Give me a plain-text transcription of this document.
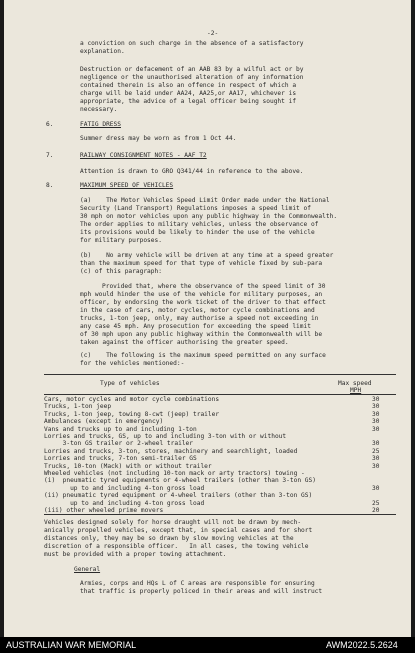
-2-
a conviction on such charge in the absence of a satisfactory
explanation.
Destruction or defacement of an AAB 83 by a wilful act or by
negligence or the unauthorised alteration of any information
contained therein is also an offence in respect of which a
charge will be laid under AA24, AA25,or AA17, whichever is
appropriate, the advice of a legal officer being sought if
necessary.
6.	FATIG DRESS
Summer dress may be worn as from 1 Oct 44.
7.	RAILWAY CONSIGNMENT NOTES - AAF T2
Attention is drawn to GRO Q341/44 in reference to the above.
8.	MAXIMUM SPEED OF VEHICLES
(a)    The Motor Vehicles Speed Limit Order made under the National
Security (Land Transport) Regulations imposes a speed limit of
30 mph on motor vehicles upon any public highway in the Commonwealth.
The order applies to military vehicles, unless the observance of
its provisions would be likely to hinder the use of the vehicle
for military purposes.
(b)    No army vehicle will be driven at any time at a speed greater
than the maximum speed for that type of vehicle fixed by sub-para
(c) of this paragraph:
Provided that, where the observance of the speed limit of 30
mph would hinder the use of the vehicle for military purposes, an
officer, by endorsing the work ticket of the driver to that effect
in the case of cars, motor cycles, motor cycle combinations and
trucks, 1-ton jeep, only, may authorise a speed not exceeding in
any case 45 mph. Any prosecution for exceeding the speed limit
of 30 mph upon any public highway within the Commonwealth will be
taken against the officer authorising the greater speed.
(c)    The following is the maximum speed permitted on any surface
for the vehicles mentioned:-
Type of vehicles	Max speed
MPH
Cars, motor cycles and motor cycle combinations	30
Trucks, 1-ton jeep	30
Trucks, 1-ton jeep, towing 8-cwt (jeep) trailer	30
Ambulances (except in emergency)	30
Vans and trucks up to and including 1-ton	30
Lorries and trucks, GS, up to and including 3-ton with or without
3-ton GS trailer or 2-wheel trailer	30
Lorries and trucks, 3-ton, stores, machinery and searchlight, loaded	25
Lorries and trucks, 7-ton semi-trailer GS	30
Trucks, 10-ton (Mack) with or without trailer	30
Wheeled vehicles (not including 10-ton mack or arty tractors) towing -
(i)  pneumatic tyred equipments or 4-wheel trailers (other than 3-ton GS)
up to and including 4-ton gross load	30
(ii) pneumatic tyred equipment or 4-wheel trailers (other than 3-ton GS)
up to and including 4-ton gross load	25
(iii) other wheeled prime movers	20
Vehicles designed solely for horse draught will not be drawn by mech-
anically propelled vehicles, except that, in special cases and for short
distances only, they may be so drawn by slow moving vehicles at the
discretion of a responsible officer.   In all cases, the towing vehicle
must be provided with a proper towing attachment.
General
Armies, corps and HQs L of C areas are responsible for ensuring
that traffic is properly policed in their areas and will instruct
AUSTRALIAN WAR MEMORIAL	AWM2022.5.2624
